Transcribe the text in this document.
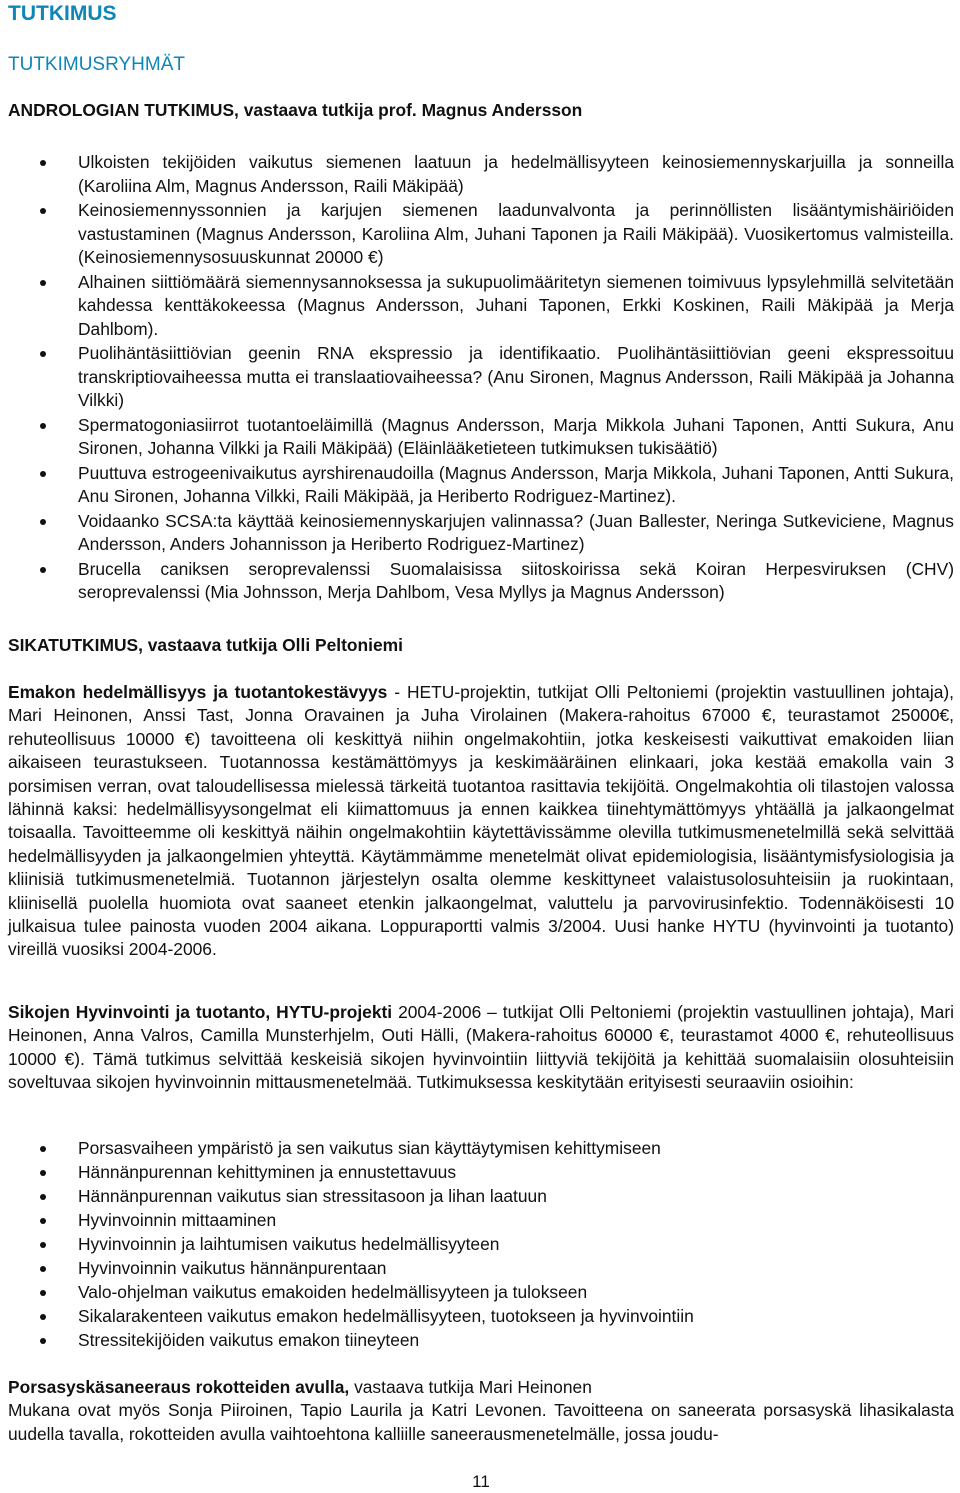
TUTKIMUS
TUTKIMUSRYHMÄT

ANDROLOGIAN TUTKIMUS, vastaava tutkija prof. Magnus Andersson

Ulkoisten tekijöiden vaikutus siemenen laatuun ja hedelmällisyyteen keinosiemennyskarjuilla ja sonneilla (Karoliina Alm, Magnus Andersson, Raili Mäkipää)
Keinosiemennyssonnien ja karjujen siemenen laadunvalvonta ja perinnöllisten lisääntymishäiriöiden vastustaminen (Magnus Andersson, Karoliina Alm, Juhani Taponen ja Raili Mäkipää). Vuosikertomus valmisteilla. (Keinosiemennysosuuskunnat 20000 €)
Alhainen siittiömäärä siemennysannoksessa ja sukupuolimääritetyn siemenen toimivuus lypsylehmillä selvitetään kahdessa kenttäkokeessa (Magnus Andersson, Juhani Taponen, Erkki Koskinen, Raili Mäkipää ja Merja Dahlbom).
Puolihäntäsiittiövian geenin RNA ekspressio ja identifikaatio. Puolihäntäsiittiövian geeni ekspressoituu transkriptiovaiheessa mutta ei translaatiovaiheessa? (Anu Sironen, Magnus Andersson, Raili Mäkipää ja Johanna Vilkki)
Spermatogoniasiirrot tuotantoeläimillä (Magnus Andersson, Marja Mikkola Juhani Taponen, Antti Sukura, Anu Sironen, Johanna Vilkki ja Raili Mäkipää) (Eläinlääketieteen tutkimuksen tukisäätiö)
Puuttuva estrogeenivaikutus ayrshirenaudoilla (Magnus Andersson, Marja Mikkola, Juhani Taponen, Antti Sukura, Anu Sironen, Johanna Vilkki, Raili Mäkipää, ja Heriberto Rodriguez-Martinez).
Voidaanko SCSA:ta käyttää keinosiemennyskarjujen valinnassa? (Juan Ballester, Neringa Sutkeviciene, Magnus Andersson, Anders Johannisson ja Heriberto Rodriguez-Martinez)
Brucella caniksen seroprevalenssi Suomalaisissa siitoskoirissa sekä Koiran Herpesviruksen (CHV) seroprevalenssi (Mia Johnsson, Merja Dahlbom, Vesa Myllys ja Magnus Andersson)

SIKATUTKIMUS, vastaava tutkija Olli Peltoniemi

Emakon hedelmällisyys ja tuotantokestävyys - HETU-projektin, tutkijat Olli Peltoniemi (projektin vastuullinen johtaja), Mari Heinonen, Anssi Tast, Jonna Oravainen ja Juha Virolainen (Makera-rahoitus 67000 €, teurastamot 25000€, rehuteollisuus 10000 €) tavoitteena oli keskittyä niihin ongelmakohtiin, jotka keskeisesti vaikuttivat emakoiden liian aikaiseen teurastukseen. Tuotannossa kestämättömyys ja keskimääräinen elinkaari, joka kestää emakolla vain 3 porsimisen verran, ovat taloudellisessa mielessä tärkeitä tuotantoa rasittavia tekijöitä. Ongelmakohtia oli tilastojen valossa lähinnä kaksi: hedelmällisyysongelmat eli kiimattomuus ja ennen kaikkea tiinehtymättömyys yhtäällä ja jalkaongelmat toisaalla. Tavoitteemme oli keskittyä näihin ongelmakohtiin käytettävissämme olevilla tutkimusmenetelmillä sekä selvittää hedelmällisyyden ja jalkaongelmien yhteyttä. Käytämmämme menetelmät olivat epidemiologisia, lisääntymisfysiologisia ja kliinisiä tutkimusmenetelmiä. Tuotannon järjestelyn osalta olemme keskittyneet valaistusolosuhteisiin ja ruokintaan, kliinisellä puolella huomiota ovat saaneet etenkin jalkaongelmat, valuttelu ja parvovirusinfektio. Todennäköisesti 10 julkaisua tulee painosta vuoden 2004 aikana. Loppuraportti valmis 3/2004. Uusi hanke HYTU (hyvinvointi ja tuotanto) vireillä vuosiksi 2004-2006.

Sikojen Hyvinvointi ja tuotanto, HYTU-projekti 2004-2006 – tutkijat Olli Peltoniemi (projektin vastuullinen johtaja), Mari Heinonen, Anna Valros, Camilla Munsterhjelm, Outi Hälli, (Makera-rahoitus 60000 €, teurastamot 4000 €, rehuteollisuus 10000 €). Tämä tutkimus selvittää keskeisiä sikojen hyvinvointiin liittyviä tekijöitä ja kehittää suomalaisiin olosuhteisiin soveltuvaa sikojen hyvinvoinnin mittausmenetelmää. Tutkimuksessa keskitytään erityisesti seuraaviin osioihin:

Porsasvaiheen ympäristö ja sen vaikutus sian käyttäytymisen kehittymiseen
Hännänpurennan kehittyminen ja ennustettavuus
Hännänpurennan vaikutus sian stressitasoon ja lihan laatuun
Hyvinvoinnin mittaaminen
Hyvinvoinnin ja laihtumisen vaikutus hedelmällisyyteen
Hyvinvoinnin vaikutus hännänpurentaan
Valo-ohjelman vaikutus emakoiden hedelmällisyyteen ja tulokseen
Sikalarakenteen vaikutus emakon hedelmällisyyteen, tuotokseen ja hyvinvointiin
Stressitekijöiden vaikutus emakon tiineyteen

Porsasyskäsaneeraus rokotteiden avulla, vastaava tutkija Mari Heinonen

Mukana ovat myös Sonja Piiroinen, Tapio Laurila ja Katri Levonen. Tavoitteena on saneerata porsasyskä lihasikalasta uudella tavalla, rokotteiden avulla vaihtoehtona kalliille saneerausmenetelmälle, jossa joudu-

11
